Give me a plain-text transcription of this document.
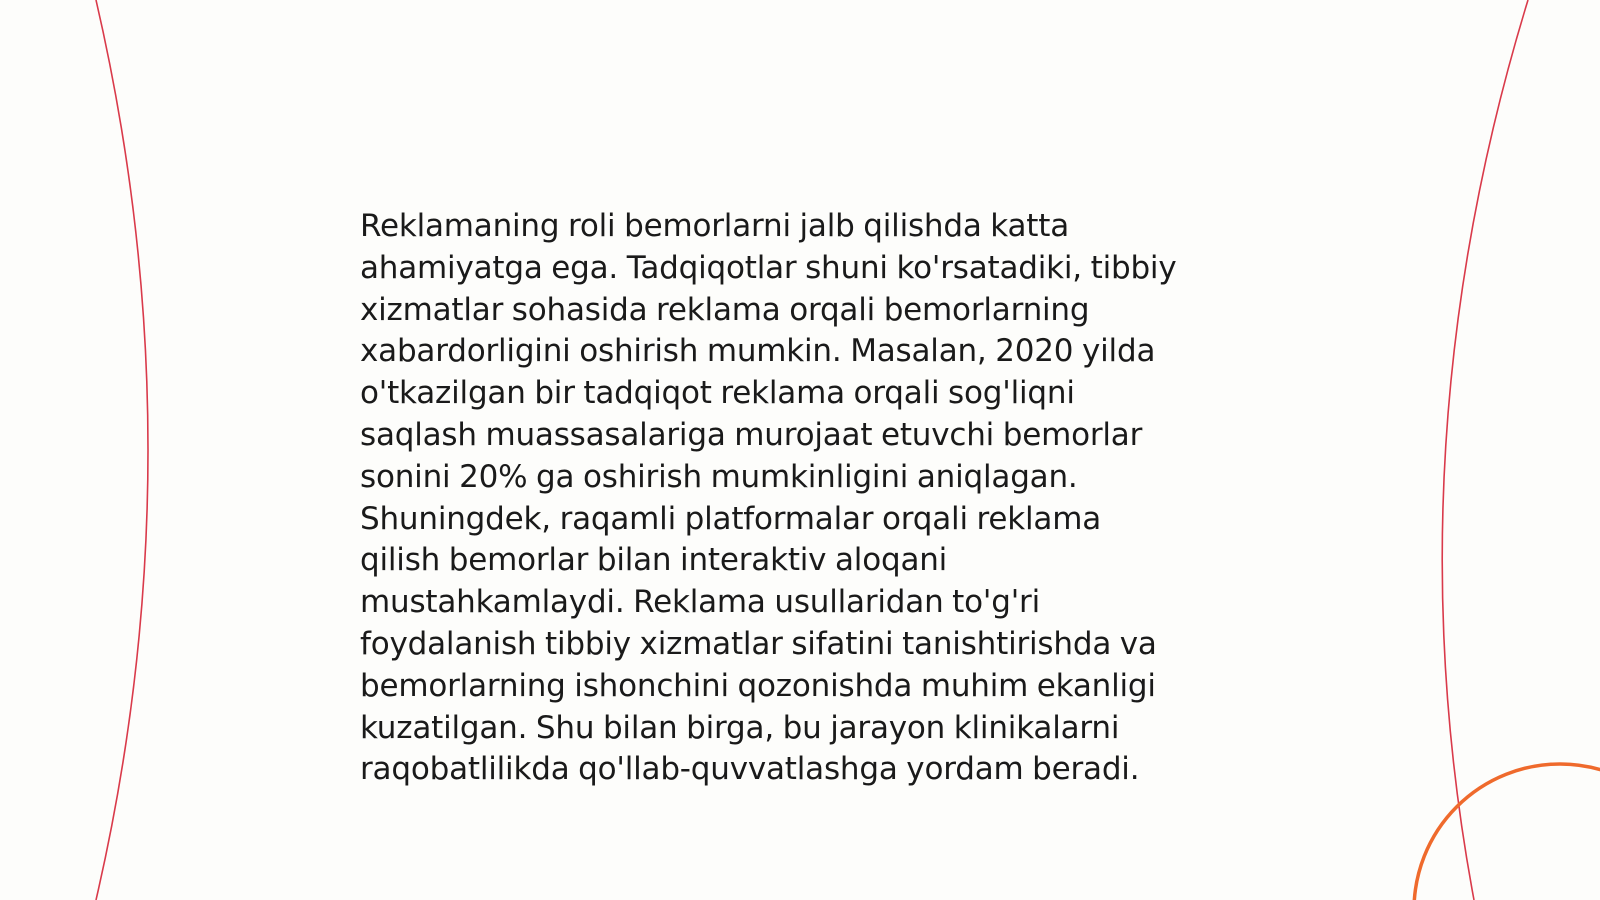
Reklamaning roli bemorlarni jalb qilishda katta
ahamiyatga ega. Tadqiqotlar shuni ko'rsatadiki, tibbiy
xizmatlar sohasida reklama orqali bemorlarning
xabardorligini oshirish mumkin. Masalan, 2020 yilda
o'tkazilgan bir tadqiqot reklama orqali sog'liqni
saqlash muassasalariga murojaat etuvchi bemorlar
sonini 20% ga oshirish mumkinligini aniqlagan.
Shuningdek, raqamli platformalar orqali reklama
qilish bemorlar bilan interaktiv aloqani
mustahkamlaydi. Reklama usullaridan to'g'ri
foydalanish tibbiy xizmatlar sifatini tanishtirishda va
bemorlarning ishonchini qozonishda muhim ekanligi
kuzatilgan. Shu bilan birga, bu jarayon klinikalarni
raqobatlilikda qo'llab-quvvatlashga yordam beradi.
